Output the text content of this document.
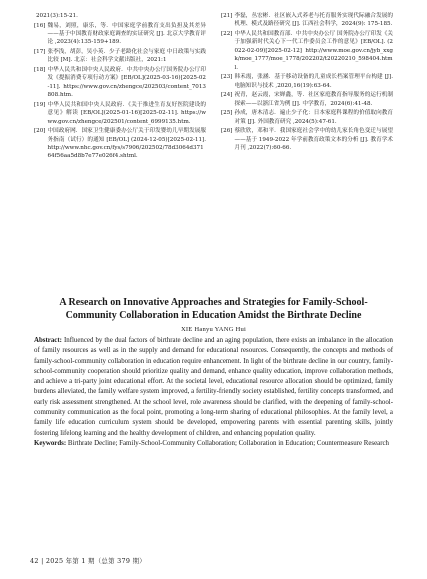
2021(3):15-21.
[16] 魏易，刘照，康乐，等．中国家庭学前教育支出负担及其差异——基于中国教育财政家庭调查的实证研究 [J]. 北京大学教育评论 ,2023(4):135-159+189.
[17] 张李浅，胡彭，吴小英．少子老龄化社会与家庭 中日政策与实践比较 [M]. 北京：社会科学文献出版社，2021:1
[18] 中华人民共和国中央人民政府．中共中央办公厅国务院办公厅印发《提振消费专项行动方案》[EB/OL](2025-03-16)[2025-02-11]. https://www.gov.cn/zhengce/202503/content_7013808.htm.
[19] 中华人民共和国中央人民政府．《关于推进生育友好医院建设的意见》解读 [EB/OL](2025-01-16)[2025-02-11]. https://www.gov.cn/zhengce/202501/content_6999135.htm.
[20] 中国政府网．国家卫生健康委办公厅关于印发婴幼儿早期发展服务指南（试行）的通知 [EB/OL] (2024-12-05)[2025-02-11]. http://www.nhc.gov.cn/fys/s7906/202502/78d3064d37164f56aa5d8b7e77e026f4.shtml.
[21] 李磊，丛宏彬．社区嵌入式养老与托育服务实现代际融合发展的机理、模式及路径研究 [J]. 江西社会科学，2024(9): 175-185.
[22] 中华人民共和国教育部．中共中央办公厅 国务院办公厅印发《关于加强新时代关心下一代工作委员会工作的意见》[EB/OL]. (2022-02-09)[2025-02-12] http://www.moe.gov.cn/jyb_xxgk/moe_1777/moe_1778/202202/t20220210_598404.html.
[23] 韩禾霞，张涵．基于移动设备的儿童成长档案管理平台构建 [J]. 电脑知识与技术 ,2020,16(19):63-64.
[24] 祝青，赵云霞，宋婵鑫，等．社区家庭教育指导服务的运行机制探索——以浙江省为例 [J]. 中学教育，2024(6):41-48.
[25] 孙成，唐木清志．遍止少子化：日本家庭科课程的价值取向教育对策 [J]. 外国教育研究 ,2024(5):47-61.
[26] 蔡欣欣，邓和平．我国家庭社会学中的幼儿家长角色变迁与展望——基于 1949-2022 年学前教育政策文本的分析 [J]. 教育学术月刊 ,2022(7):60-66.
A Research on Innovative Approaches and Strategies for Family-School-Community Collaboration in Education Amidst the Birthrate Decline
XIE Hanyu YANG Hui

Abstract: Influenced by the dual factors of birthrate decline and an aging population, there exists an imbalance in the allocation of family resources as well as in the supply and demand for educational resources. Consequently, the concepts and methods of family-school-community collaboration in education require enhancement. In light of the birthrate decline in our country, family-school-community cooperation should prioritize quality and demand, enhance quality education, improve collaboration methods, and achieve a tri-party joint educational effort. At the societal level, educational resource allocation should be optimized, family burdens alleviated, the family welfare system improved, a fertility-friendly society established, fertility concepts transformed, and early risk assessment strengthened. At the school level, role awareness should be clarified, with the deepening of family-school-community communication as the focal point, promoting a long-term sharing of educational philosophies. At the family level, a family life education curriculum system should be developed, empowering parents with essential parenting skills, jointly fostering lifelong learning and the healthy development of children, and enhancing population quality.

Keywords: Birthrate Decline; Family-School-Community Collaboration; Collaboration in Education; Countermeasure Research

42 | 2025 年第 1 期（总第 379 期）
